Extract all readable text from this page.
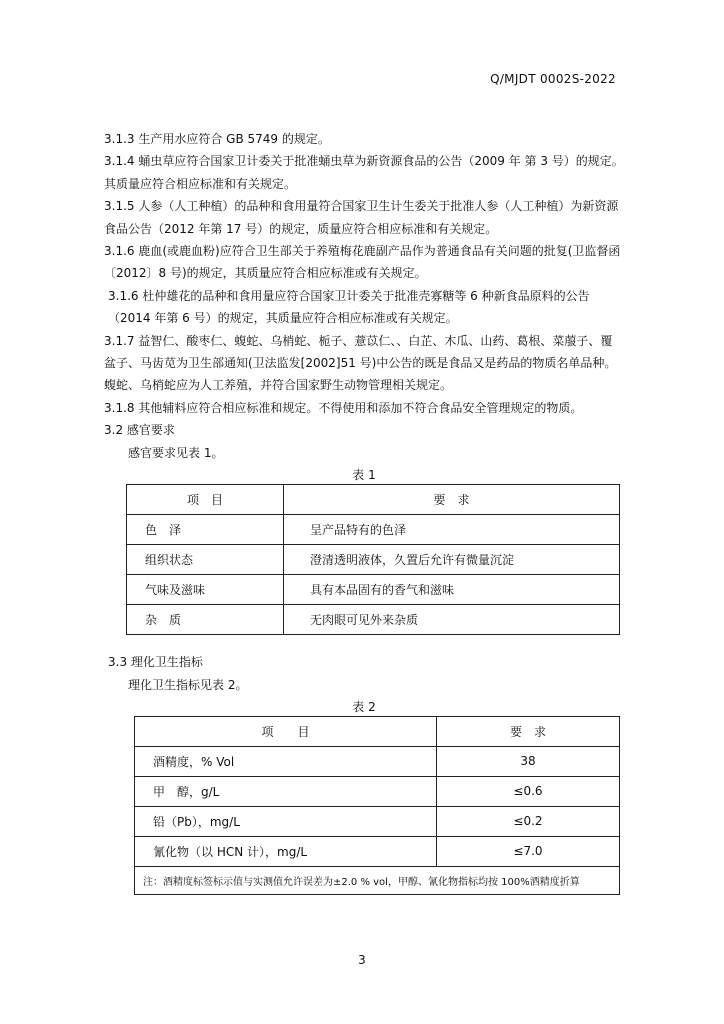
Q/MJDT 0002S-2022

3.1.3 生产用水应符合 GB 5749 的规定。

3.1.4 蛹虫草应符合国家卫计委关于批准蛹虫草为新资源食品的公告（2009 年 第 3 号）的规定。其质量应符合相应标准和有关规定。

3.1.5 人参（人工种植）的品种和食用量符合国家卫生计生委关于批准人参（人工种植）为新资源食品公告（2012 年第 17 号）的规定，质量应符合相应标准和有关规定。

3.1.6 鹿血(或鹿血粉)应符合卫生部关于养殖梅花鹿副产品作为普通食品有关问题的批复(卫监督函〔2012〕8 号)的规定，其质量应符合相应标准或有关规定。

3.1.6 杜仲雄花的品种和食用量应符合国家卫计委关于批准壳寡糖等 6 种新食品原料的公告（2014 年第 6 号）的规定，其质量应符合相应标准或有关规定。

3.1.7 益智仁、酸枣仁、蝮蛇、乌梢蛇、栀子、薏苡仁、、白芷、木瓜、山药、葛根、菜菔子、覆盆子、马齿苋为卫生部通知(卫法监发[2002]51 号)中公告的既是食品又是药品的物质名单品种。 蝮蛇、乌梢蛇应为人工养殖，并符合国家野生动物管理相关规定。

3.1.8 其他辅料应符合相应标准和规定。不得使用和添加不符合食品安全管理规定的物质。

3.2 感官要求

感官要求见表 1。

表 1

项　目	要　求
色　泽	呈产品特有的色泽
组织状态	澄清透明液体，久置后允许有微量沉淀
气味及滋味	具有本品固有的香气和滋味
杂　质	无肉眼可见外来杂质

3.3 理化卫生指标

理化卫生指标见表 2。

表 2

项　　目	要　求
酒精度，% Vol	38
甲　醇，g/L	≤0.6
铅（Pb），mg/L	≤0.2
氰化物（以 HCN 计），mg/L	≤7.0
注：酒精度标签标示值与实测值允许误差为±2.0 % vol，甲醇、氰化物指标均按 100%酒精度折算	
3
